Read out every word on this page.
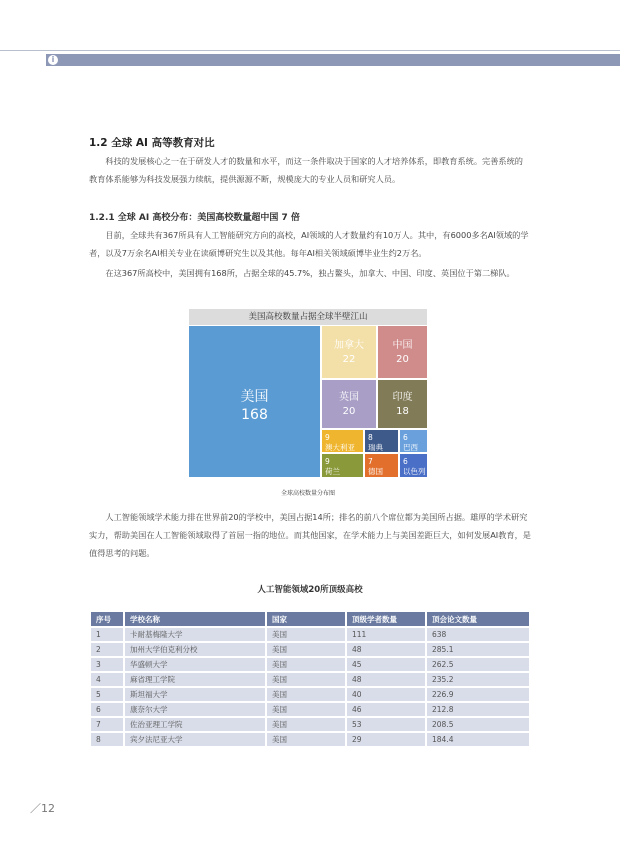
i
1.2 全球 AI 高等教育对比

科技的发展核心之一在于研发人才的数量和水平，而这一条件取决于国家的人才培养体系，即教育系统。完善系统的教育体系能够为科技发展强力续航，提供源源不断，规模庞大的专业人员和研究人员。

1.2.1 全球 AI 高校分布：美国高校数量超中国 7 倍

目前，全球共有367所具有人工智能研究方向的高校，AI领域的人才数量约有10万人。其中，有6000多名AI领域的学者，以及7万余名AI相关专业在读硕博研究生以及其他。每年AI相关领域硕博毕业生约2万名。

在这367所高校中，美国拥有168所，占据全球的45.7%，独占鳌头，加拿大、中国、印度、英国位于第二梯队。

美国高校数量占据全球半壁江山
美国
168
加拿大
22
中国
20
英国
20
印度
18
9
澳大利亚
8
瑞典
6
巴西
9
荷兰
7
德国
6
以色列
全球高校数量分布图

人工智能领域学术能力排在世界前20的学校中，美国占据14所；排名的前八个席位都为美国所占据。雄厚的学术研究实力，帮助美国在人工智能领域取得了首屈一指的地位。而其他国家，在学术能力上与美国差距巨大，如何发展AI教育，是值得思考的问题。

人工智能领域20所顶级高校
序号	学校名称	国家	顶级学者数量	顶会论文数量
1	卡耐基梅隆大学	美国	111	638
2	加州大学伯克利分校	美国	48	285.1
3	华盛顿大学	美国	45	262.5
4	麻省理工学院	美国	48	235.2
5	斯坦福大学	美国	40	226.9
6	康奈尔大学	美国	46	212.8
7	佐治亚理工学院	美国	53	208.5
8	宾夕法尼亚大学	美国	29	184.4
／12
